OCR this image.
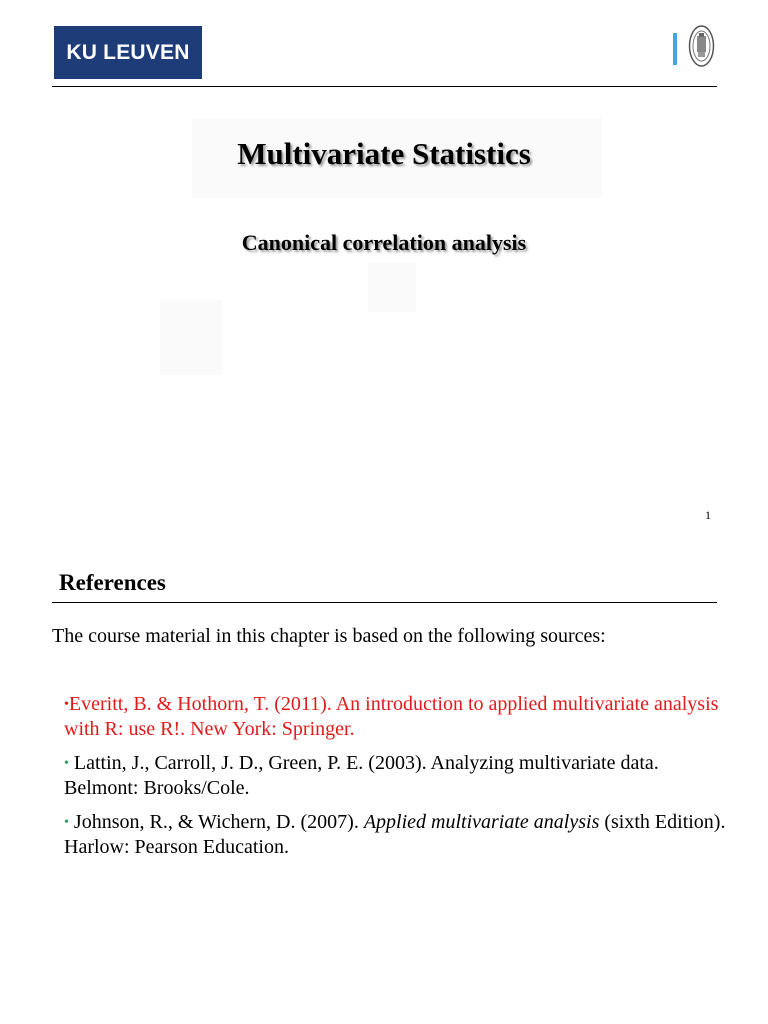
KU LEUVEN
Multivariate Statistics
Canonical correlation analysis
1
References
The course material in this chapter is based on the following sources:
•Everitt, B. & Hothorn, T. (2011). An introduction to applied multivariate analysis with R: use R!. New York: Springer.
• Lattin, J., Carroll, J. D., Green, P. E. (2003). Analyzing multivariate data. Belmont: Brooks/Cole.
• Johnson, R., & Wichern, D. (2007). Applied multivariate analysis (sixth Edition). Harlow: Pearson Education.
